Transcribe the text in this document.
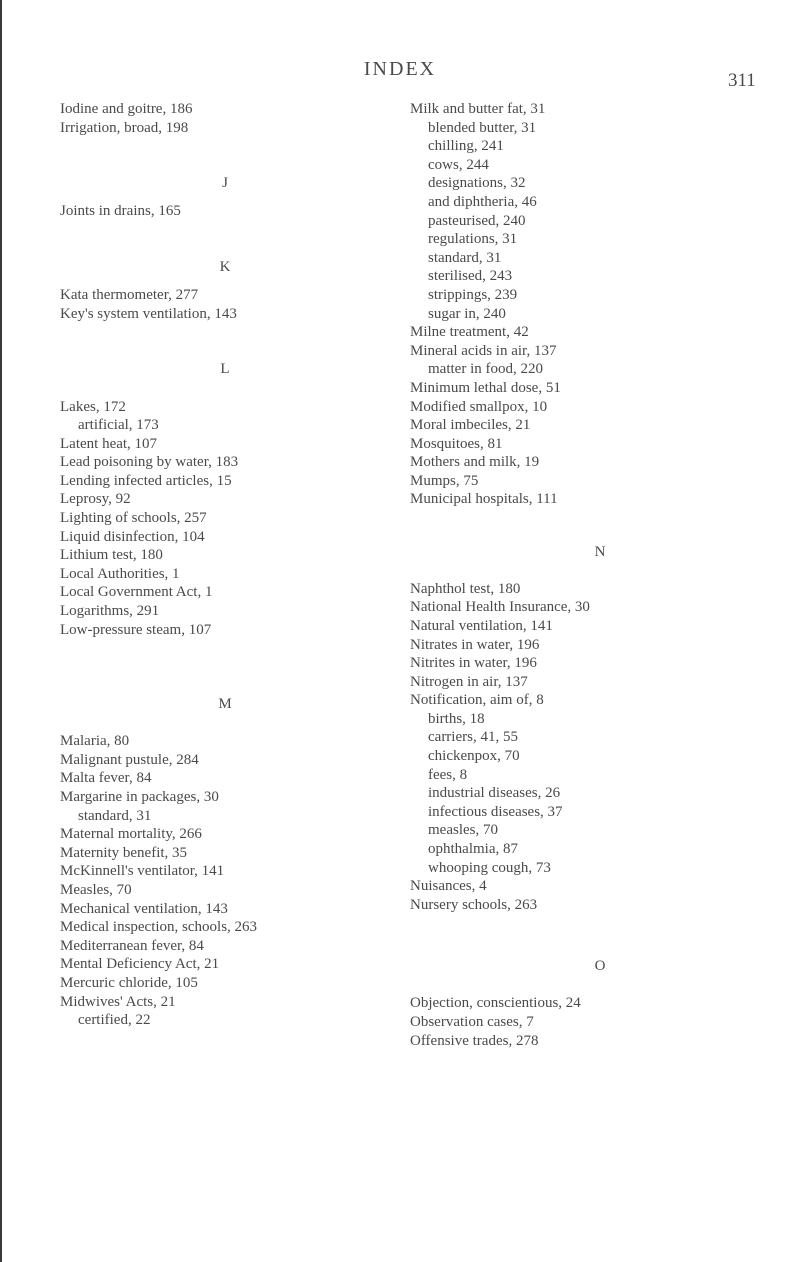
INDEX
311
Iodine and goitre, 186
Irrigation, broad, 198
J
Joints in drains, 165
K
Kata thermometer, 277
Key's system ventilation, 143
L
Lakes, 172
artificial, 173
Latent heat, 107
Lead poisoning by water, 183
Lending infected articles, 15
Leprosy, 92
Lighting of schools, 257
Liquid disinfection, 104
Lithium test, 180
Local Authorities, 1
Local Government Act, 1
Logarithms, 291
Low-pressure steam, 107
M
Malaria, 80
Malignant pustule, 284
Malta fever, 84
Margarine in packages, 30
standard, 31
Maternal mortality, 266
Maternity benefit, 35
McKinnell's ventilator, 141
Measles, 70
Mechanical ventilation, 143
Medical inspection, schools, 263
Mediterranean fever, 84
Mental Deficiency Act, 21
Mercuric chloride, 105
Midwives' Acts, 21
certified, 22
Milk and butter fat, 31
blended butter, 31
chilling, 241
cows, 244
designations, 32
and diphtheria, 46
pasteurised, 240
regulations, 31
standard, 31
sterilised, 243
strippings, 239
sugar in, 240
Milne treatment, 42
Mineral acids in air, 137
matter in food, 220
Minimum lethal dose, 51
Modified smallpox, 10
Moral imbeciles, 21
Mosquitoes, 81
Mothers and milk, 19
Mumps, 75
Municipal hospitals, 111
N
Naphthol test, 180
National Health Insurance, 30
Natural ventilation, 141
Nitrates in water, 196
Nitrites in water, 196
Nitrogen in air, 137
Notification, aim of, 8
births, 18
carriers, 41, 55
chickenpox, 70
fees, 8
industrial diseases, 26
infectious diseases, 37
measles, 70
ophthalmia, 87
whooping cough, 73
Nuisances, 4
Nursery schools, 263
O
Objection, conscientious, 24
Observation cases, 7
Offensive trades, 278
